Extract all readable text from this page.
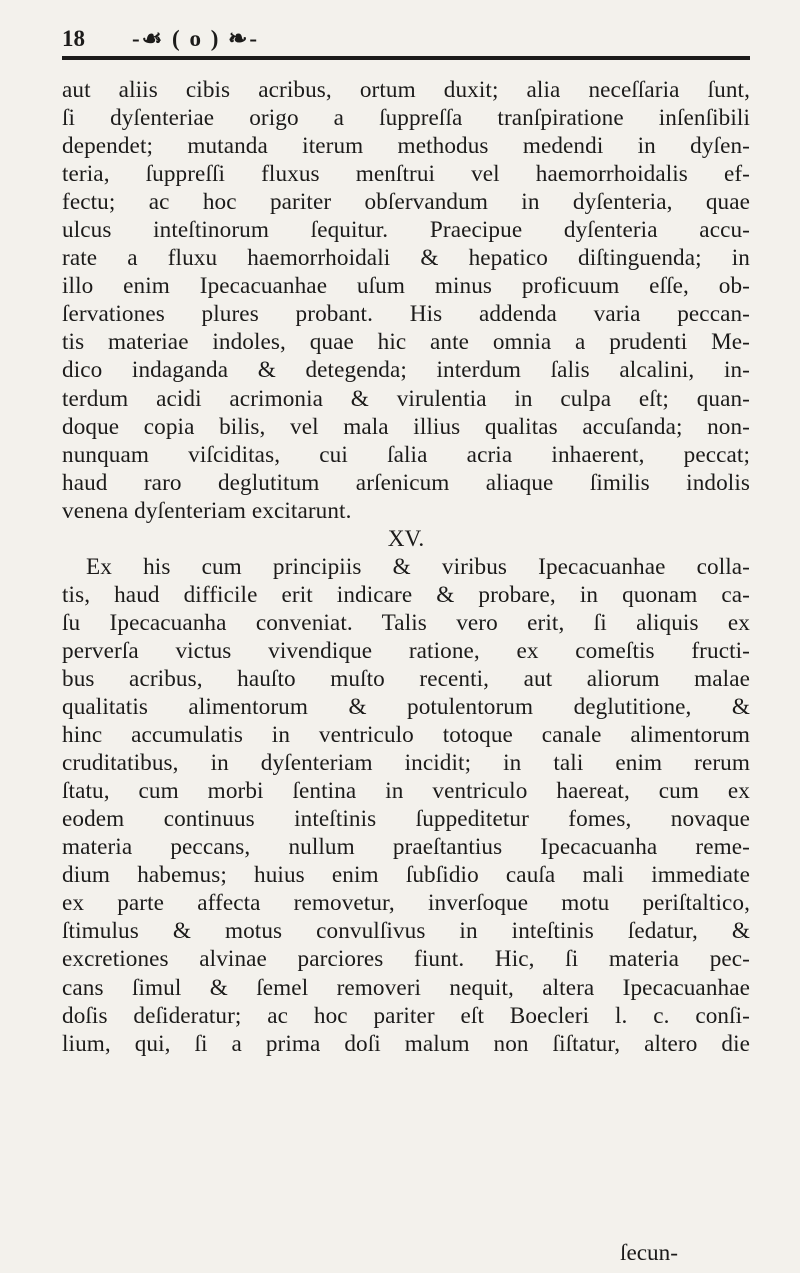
18 -☙ ( o ) ❧-
aut aliis cibis acribus, ortum duxit; alia neceſſaria ſunt,
ſi dyſenteriae origo a ſuppreſſa tranſpiratione inſenſibili
dependet; mutanda iterum methodus medendi in dyſen-
teria, ſuppreſſi fluxus menſtrui vel haemorrhoidalis ef-
fectu; ac hoc pariter obſervandum in dyſenteria, quae
ulcus inteſtinorum ſequitur. Praecipue dyſenteria accu-
rate a fluxu haemorrhoidali & hepatico diſtinguenda; in
illo enim Ipecacuanhae uſum minus proficuum eſſe, ob-
ſervationes plures probant. His addenda varia peccan-
tis materiae indoles, quae hic ante omnia a prudenti Me-
dico indaganda & detegenda; interdum ſalis alcalini, in-
terdum acidi acrimonia & virulentia in culpa eſt; quan-
doque copia bilis, vel mala illius qualitas accuſanda; non-
nunquam viſciditas, cui ſalia acria inhaerent, peccat;
haud raro deglutitum arſenicum aliaque ſimilis indolis
venena dyſenteriam excitarunt.
XV.
Ex his cum principiis & viribus Ipecacuanhae colla-
tis, haud difficile erit indicare & probare, in quonam ca-
ſu Ipecacuanha conveniat. Talis vero erit, ſi aliquis ex
perverſa victus vivendique ratione, ex comeſtis fructi-
bus acribus, hauſto muſto recenti, aut aliorum malae
qualitatis alimentorum & potulentorum deglutitione, &
hinc accumulatis in ventriculo totoque canale alimentorum
cruditatibus, in dyſenteriam incidit; in tali enim rerum
ſtatu, cum morbi ſentina in ventriculo haereat, cum ex
eodem continuus inteſtinis ſuppeditetur fomes, novaque
materia peccans, nullum praeſtantius Ipecacuanha reme-
dium habemus; huius enim ſubſidio cauſa mali immediate
ex parte affecta removetur, inverſoque motu periſtaltico,
ſtimulus & motus convulſivus in inteſtinis ſedatur, &
excretiones alvinae parciores fiunt. Hic, ſi materia pec-
cans ſimul & ſemel removeri nequit, altera Ipecacuanhae
doſis deſideratur; ac hoc pariter eſt Boecleri l. c. conſi-
lium, qui, ſi a prima doſi malum non ſiſtatur, altero die
ſecun-
